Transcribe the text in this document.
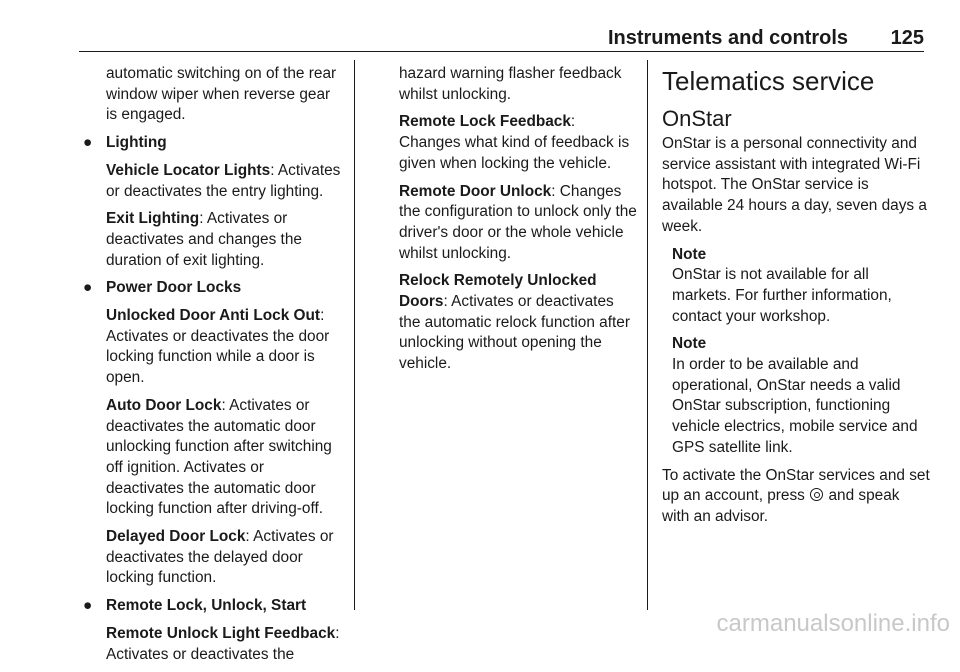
Instruments and controls 125

automatic switching on of the rear window wiper when reverse gear is engaged.

● Lighting

Vehicle Locator Lights: Activates or deactivates the entry lighting.

Exit Lighting: Activates or deactivates and changes the duration of exit lighting.

● Power Door Locks

Unlocked Door Anti Lock Out: Activates or deactivates the door locking function while a door is open.

Auto Door Lock: Activates or deactivates the automatic door unlocking function after switching off ignition. Activates or deactivates the automatic door locking function after driving-off.

Delayed Door Lock: Activates or deactivates the delayed door locking function.

● Remote Lock, Unlock, Start

Remote Unlock Light Feedback: Activates or deactivates the

hazard warning flasher feedback whilst unlocking.

Remote Lock Feedback: Changes what kind of feedback is given when locking the vehicle.

Remote Door Unlock: Changes the configuration to unlock only the driver's door or the whole vehicle whilst unlocking.

Relock Remotely Unlocked Doors: Activates or deactivates the automatic relock function after unlocking without opening the vehicle.

Telematics service
OnStar

OnStar is a personal connectivity and service assistant with integrated Wi-Fi hotspot. The OnStar service is available 24 hours a day, seven days a week.

Note
OnStar is not available for all markets. For further information, contact your workshop.
Note
In order to be available and operational, OnStar needs a valid OnStar subscription, functioning vehicle electrics, mobile service and GPS satellite link.

To activate the OnStar services and set up an account, press and speak with an advisor.

carmanualsonline.info
